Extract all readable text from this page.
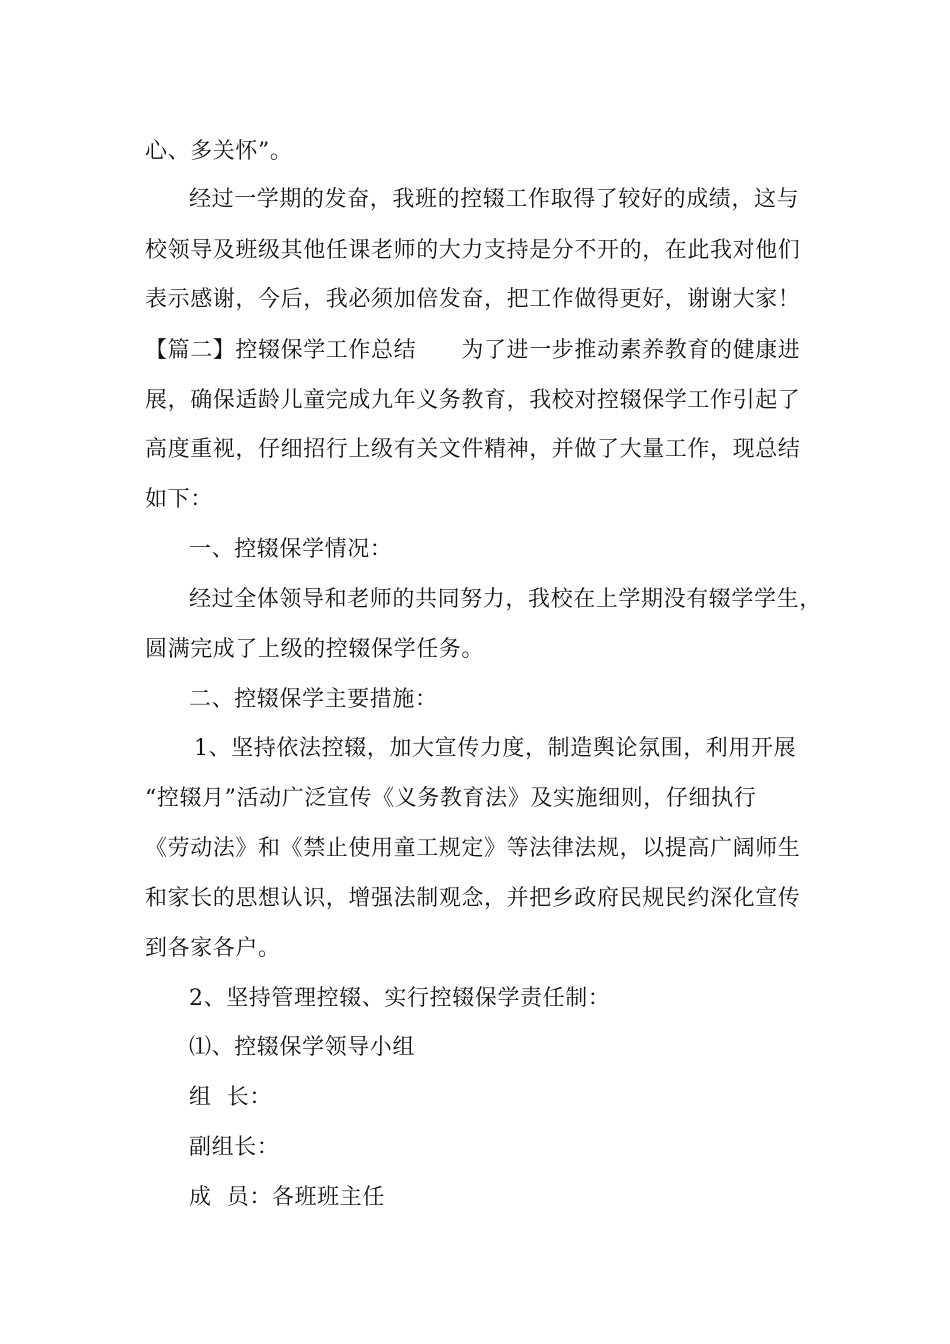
心、多关怀”。
经过一学期的发奋，我班的控辍工作取得了较好的成绩，这与
校领导及班级其他任课老师的大力支持是分不开的，在此我对他们
表示感谢，今后，我必须加倍发奋，把工作做得更好，谢谢大家！
【篇二】控辍保学工作总结　　为了进一步推动素养教育的健康进
展，确保适龄儿童完成九年义务教育，我校对控辍保学工作引起了
高度重视，仔细招行上级有关文件精神，并做了大量工作，现总结
如下：
一、控辍保学情况：
经过全体领导和老师的共同努力，我校在上学期没有辍学学生，
圆满完成了上级的控辍保学任务。
二、控辍保学主要措施：
1、坚持依法控辍，加大宣传力度，制造舆论氛围，利用开展
“控辍月”活动广泛宣传《义务教育法》及实施细则，仔细执行
《劳动法》和《禁止使用童工规定》等法律法规，以提高广阔师生
和家长的思想认识，增强法制观念，并把乡政府民规民约深化宣传
到各家各户。
2、坚持管理控辍、实行控辍保学责任制：
⑴、控辍保学领导小组
组  长：
副组长：
成  员：各班班主任
